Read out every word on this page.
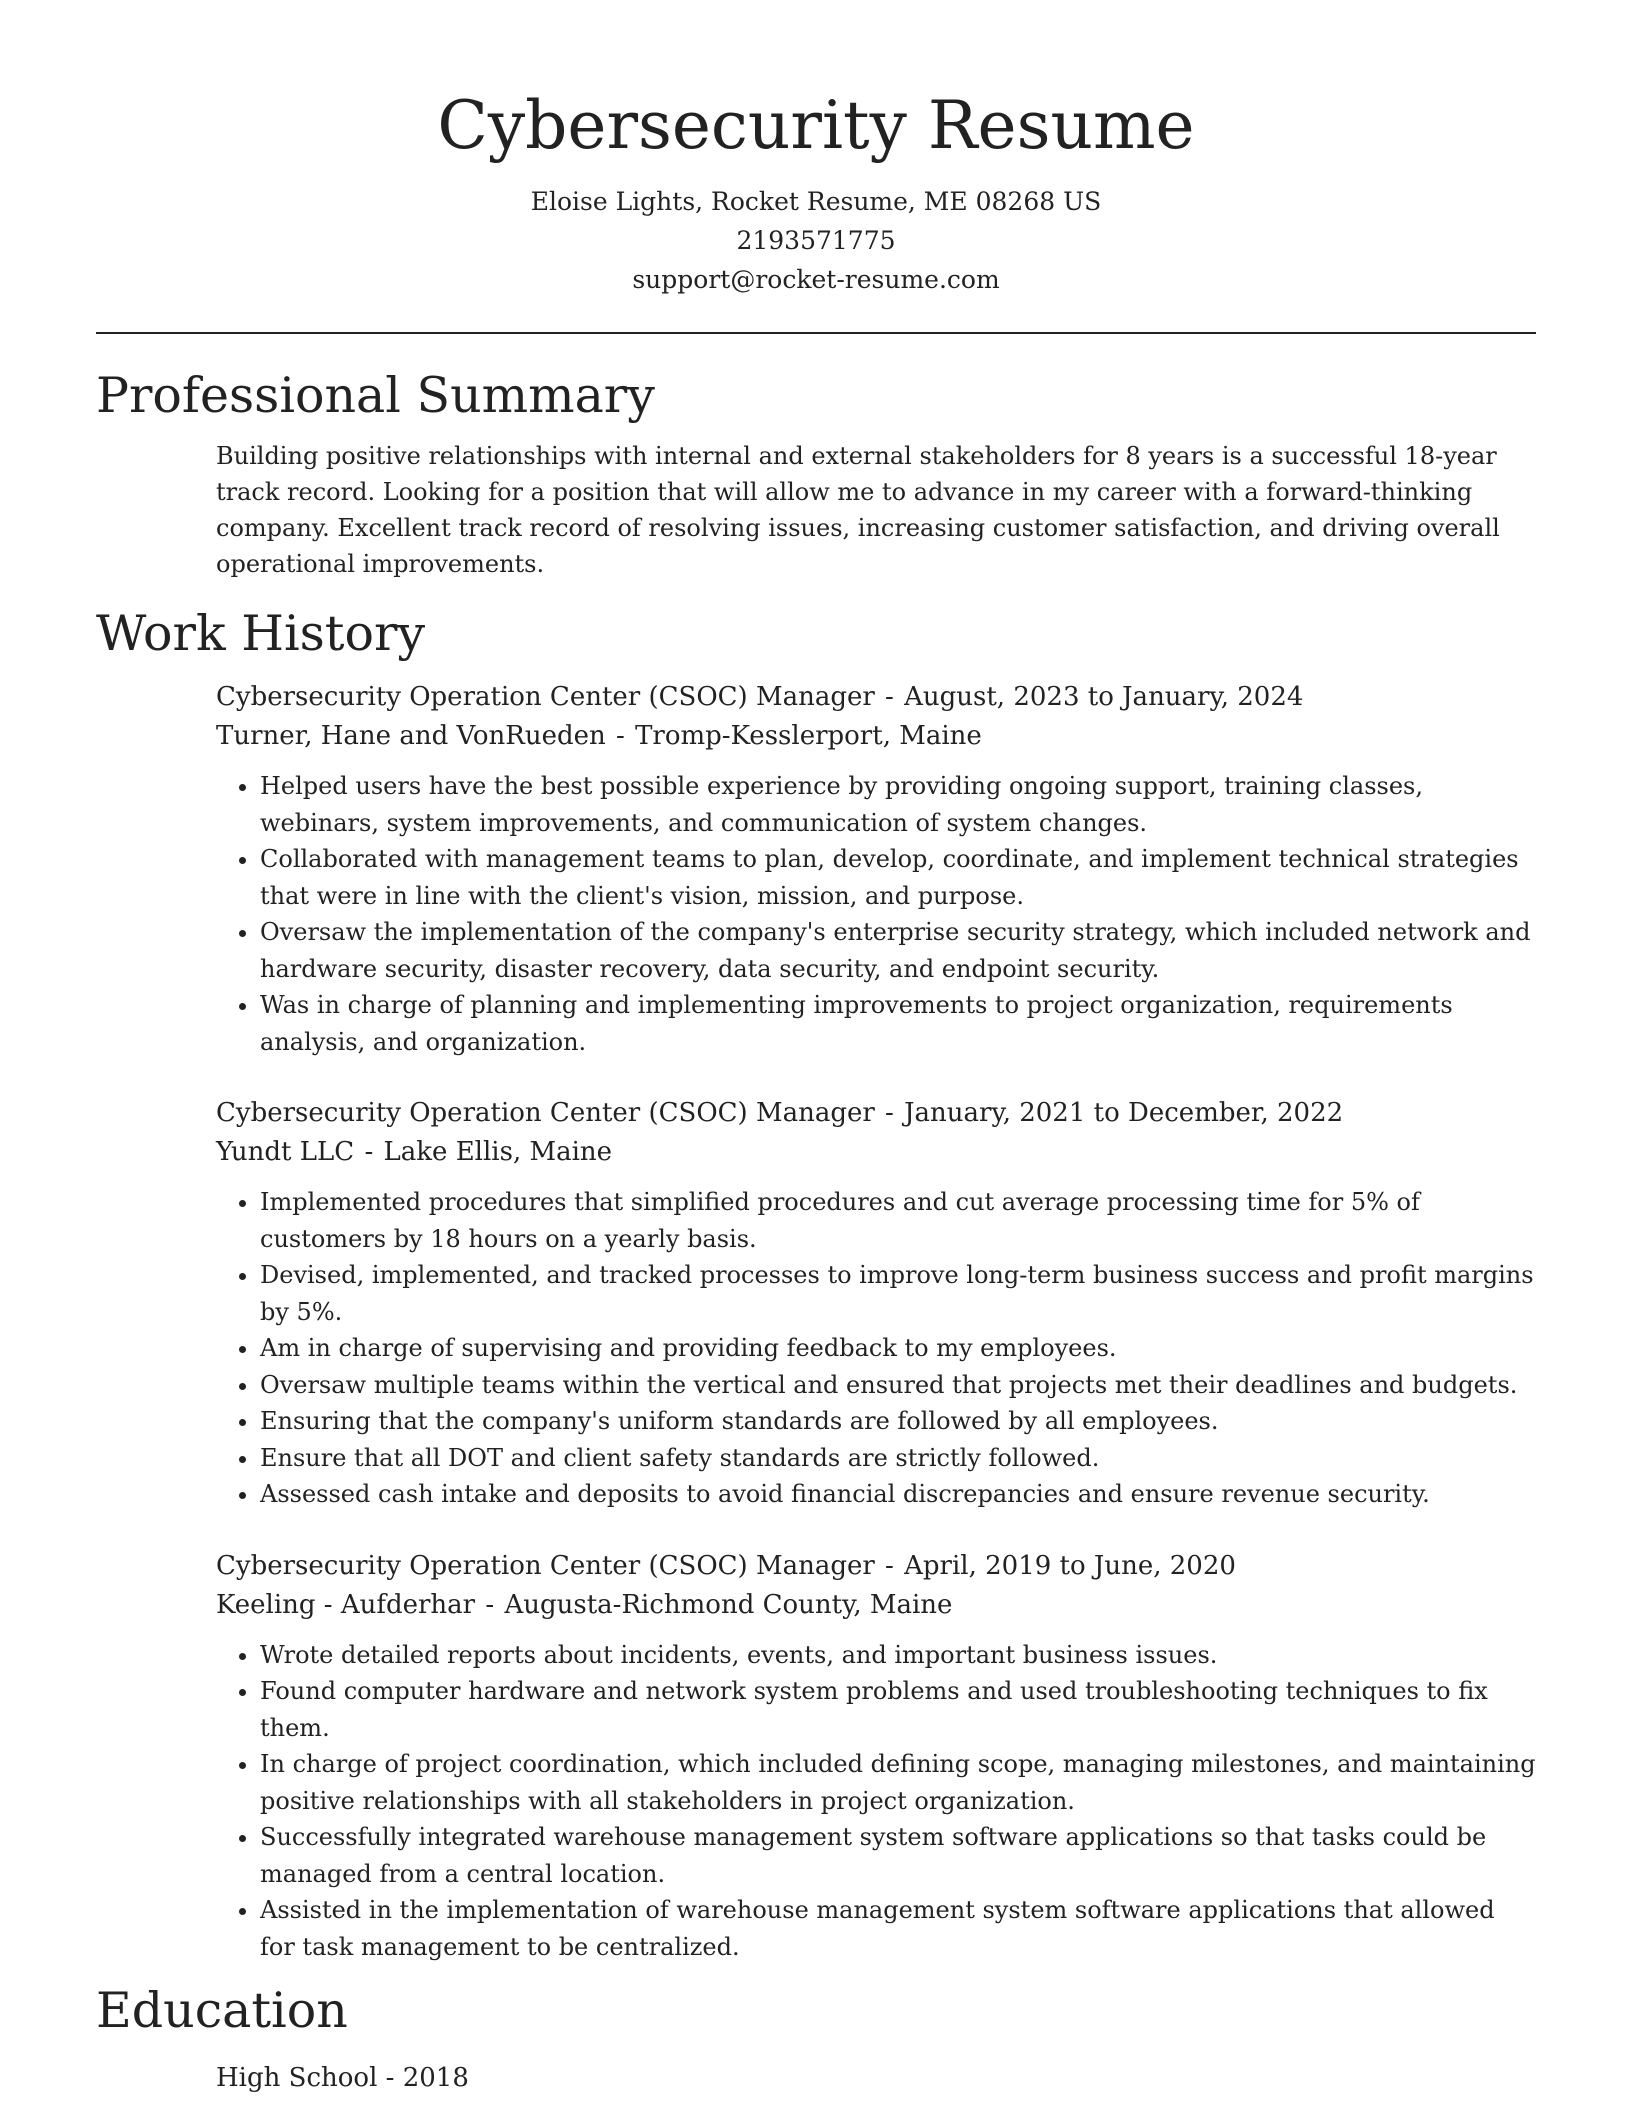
Cybersecurity Resume
Eloise Lights, Rocket Resume, ME 08268 US
2193571775
support@rocket-resume.com
Professional Summary
Building positive relationships with internal and external stakeholders for 8 years is a successful 18-year track record. Looking for a position that will allow me to advance in my career with a forward-thinking company. Excellent track record of resolving issues, increasing customer satisfaction, and driving overall operational improvements.
Work History
Cybersecurity Operation Center (CSOC) Manager - August, 2023 to January, 2024
Turner, Hane and VonRueden - Tromp-Kesslerport, Maine
• Helped users have the best possible experience by providing ongoing support, training classes, webinars, system improvements, and communication of system changes.
• Collaborated with management teams to plan, develop, coordinate, and implement technical strategies that were in line with the client's vision, mission, and purpose.
• Oversaw the implementation of the company's enterprise security strategy, which included network and hardware security, disaster recovery, data security, and endpoint security.
• Was in charge of planning and implementing improvements to project organization, requirements analysis, and organization.
Cybersecurity Operation Center (CSOC) Manager - January, 2021 to December, 2022
Yundt LLC - Lake Ellis, Maine
• Implemented procedures that simplified procedures and cut average processing time for 5% of customers by 18 hours on a yearly basis.
• Devised, implemented, and tracked processes to improve long-term business success and profit margins by 5%.
• Am in charge of supervising and providing feedback to my employees.
• Oversaw multiple teams within the vertical and ensured that projects met their deadlines and budgets.
• Ensuring that the company's uniform standards are followed by all employees.
• Ensure that all DOT and client safety standards are strictly followed.
• Assessed cash intake and deposits to avoid financial discrepancies and ensure revenue security.
Cybersecurity Operation Center (CSOC) Manager - April, 2019 to June, 2020
Keeling - Aufderhar - Augusta-Richmond County, Maine
• Wrote detailed reports about incidents, events, and important business issues.
• Found computer hardware and network system problems and used troubleshooting techniques to fix them.
• In charge of project coordination, which included defining scope, managing milestones, and maintaining positive relationships with all stakeholders in project organization.
• Successfully integrated warehouse management system software applications so that tasks could be managed from a central location.
• Assisted in the implementation of warehouse management system software applications that allowed for task management to be centralized.
Education
High School - 2018
